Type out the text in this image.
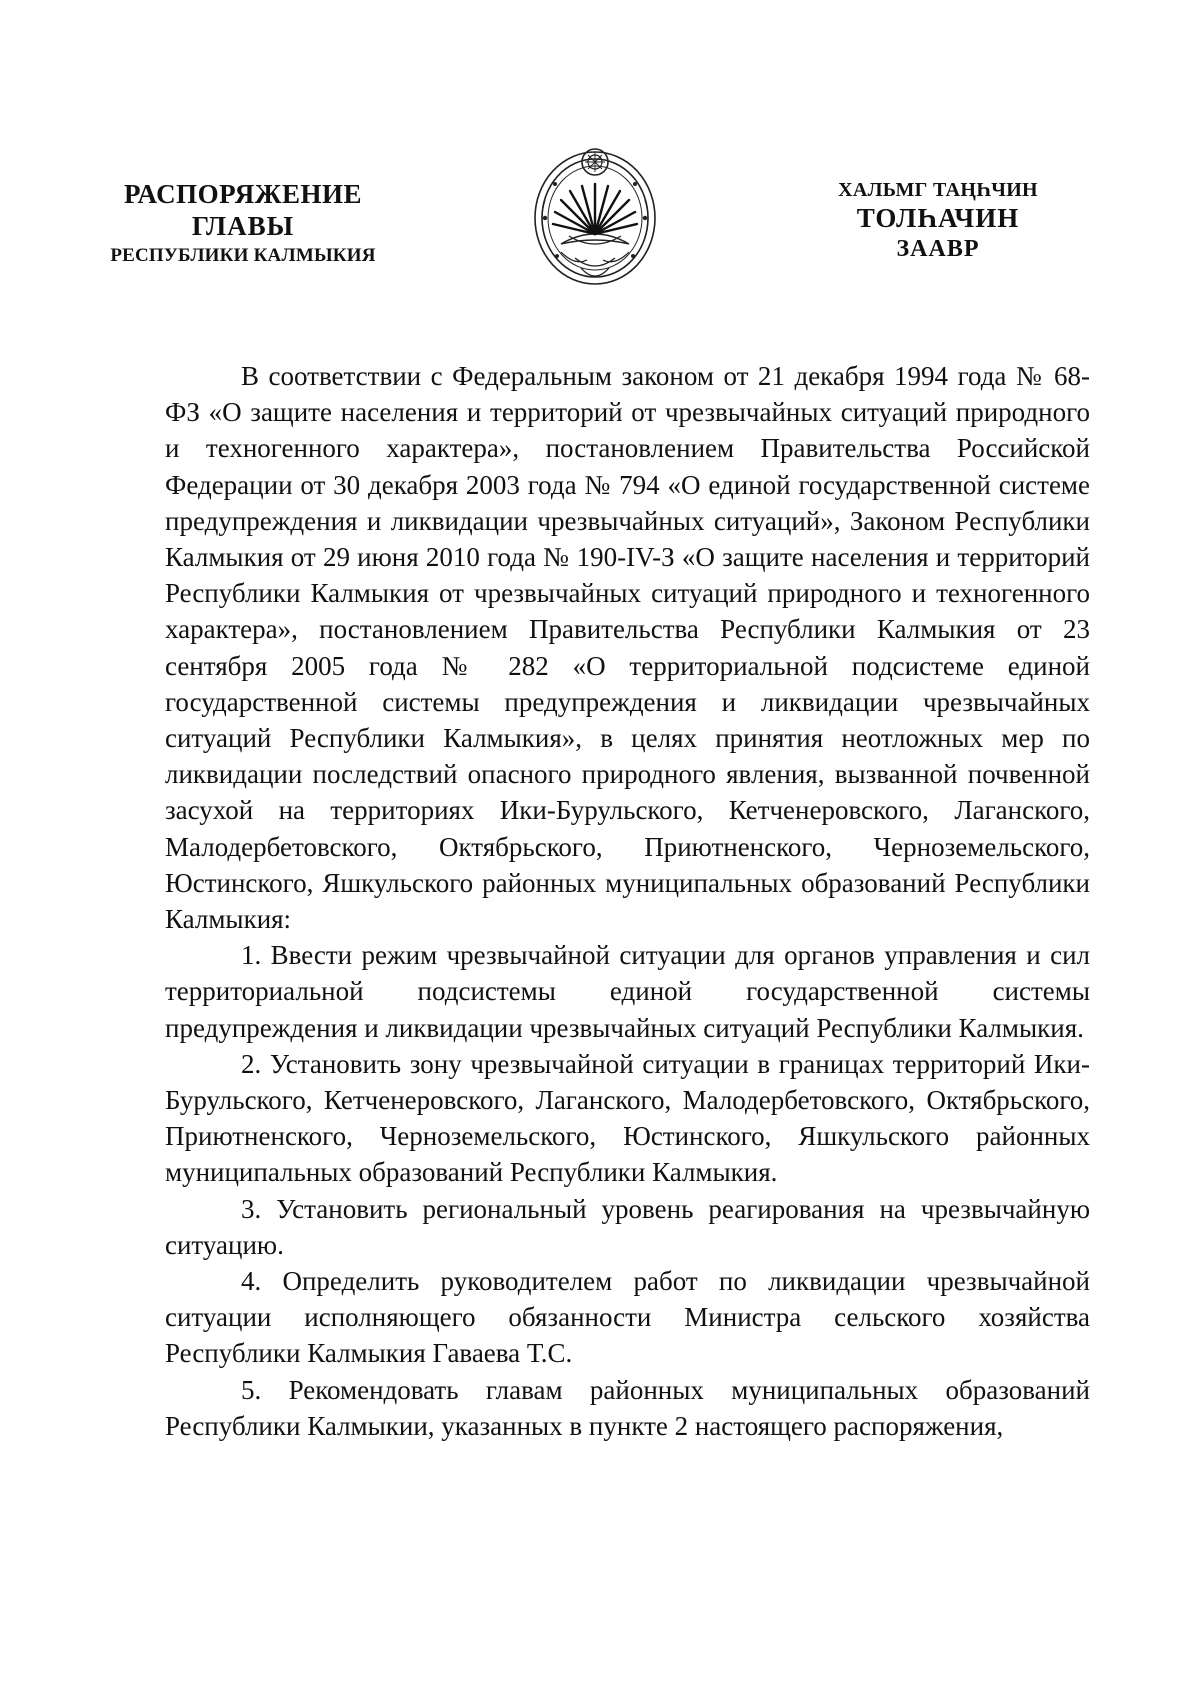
РАСПОРЯЖЕНИЕ
ГЛАВЫ
РЕСПУБЛИКИ КАЛМЫКИЯ
ХАЛЬМГ ТАҢҺЧИН
ТОЛҺАЧИН
ЗААВР

В соответствии с Федеральным законом от 21 декабря 1994 года № 68-ФЗ «О защите населения и территорий от чрезвычайных ситуаций природного и техногенного характера», постановлением Правительства Российской Федерации от 30 декабря 2003 года № 794 «О единой государственной системе предупреждения и ликвидации чрезвычайных ситуаций», Законом Республики Калмыкия от 29 июня 2010 года № 190-IV-З «О защите населения и территорий Республики Калмыкия от чрезвычайных ситуаций природного и техногенного характера», постановлением Правительства Республики Калмыкия от 23 сентября 2005 года № 282 «О территориальной подсистеме единой государственной системы предупреждения и ликвидации чрезвычайных ситуаций Республики Калмыкия», в целях принятия неотложных мер по ликвидации последствий опасного природного явления, вызванной почвенной засухой на территориях Ики-Бурульского, Кетченеровского, Лаганского, Малодербетовского, Октябрьского, Приютненского, Черноземельского, Юстинского, Яшкульского районных муниципальных образований Республики Калмыкия:

1. Ввести режим чрезвычайной ситуации для органов управления и сил территориальной подсистемы единой государственной системы предупреждения и ликвидации чрезвычайных ситуаций Республики Калмыкия.

2. Установить зону чрезвычайной ситуации в границах территорий Ики-Бурульского, Кетченеровского, Лаганского, Малодербетовского, Октябрьского, Приютненского, Черноземельского, Юстинского, Яшкульского районных муниципальных образований Республики Калмыкия.

3. Установить региональный уровень реагирования на чрезвычайную ситуацию.

4. Определить руководителем работ по ликвидации чрезвычайной ситуации исполняющего обязанности Министра сельского хозяйства Республики Калмыкия Гаваева Т.С.

5. Рекомендовать главам районных муниципальных образований Республики Калмыкии, указанных в пункте 2 настоящего распоряжения,
